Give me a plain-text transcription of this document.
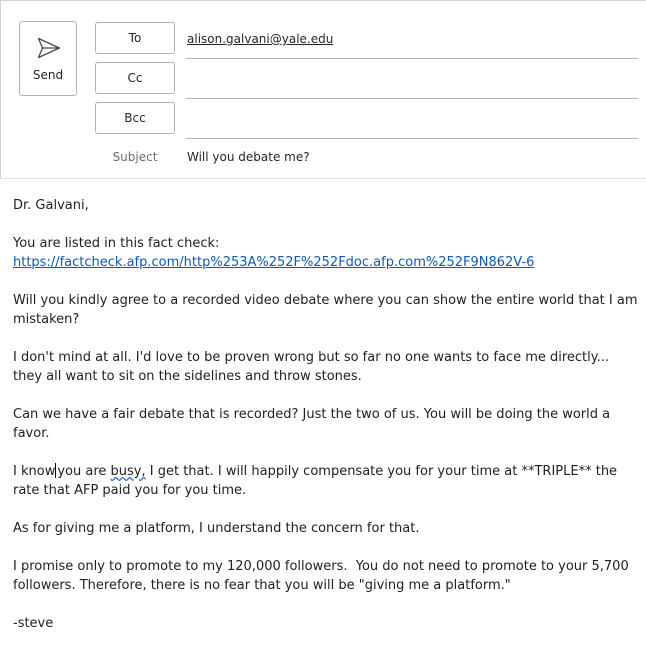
Send
To	alison.galvani@yale.edu
Cc
Bcc
Subject	Will you debate me?

Dr. Galvani,

You are listed in this fact check:
https://factcheck.afp.com/http%253A%252F%252Fdoc.afp.com%252F9N862V-6

Will you kindly agree to a recorded video debate where you can show the entire world that I am mistaken?

I don't mind at all. I'd love to be proven wrong but so far no one wants to face me directly... they all want to sit on the sidelines and throw stones.

Can we have a fair debate that is recorded? Just the two of us. You will be doing the world a favor.

I know you are busy, I get that. I will happily compensate you for your time at **TRIPLE** the rate that AFP paid you for you time.

As for giving me a platform, I understand the concern for that.

I promise only to promote to my 120,000 followers.  You do not need to promote to your 5,700 followers. Therefore, there is no fear that you will be "giving me a platform."

-steve
